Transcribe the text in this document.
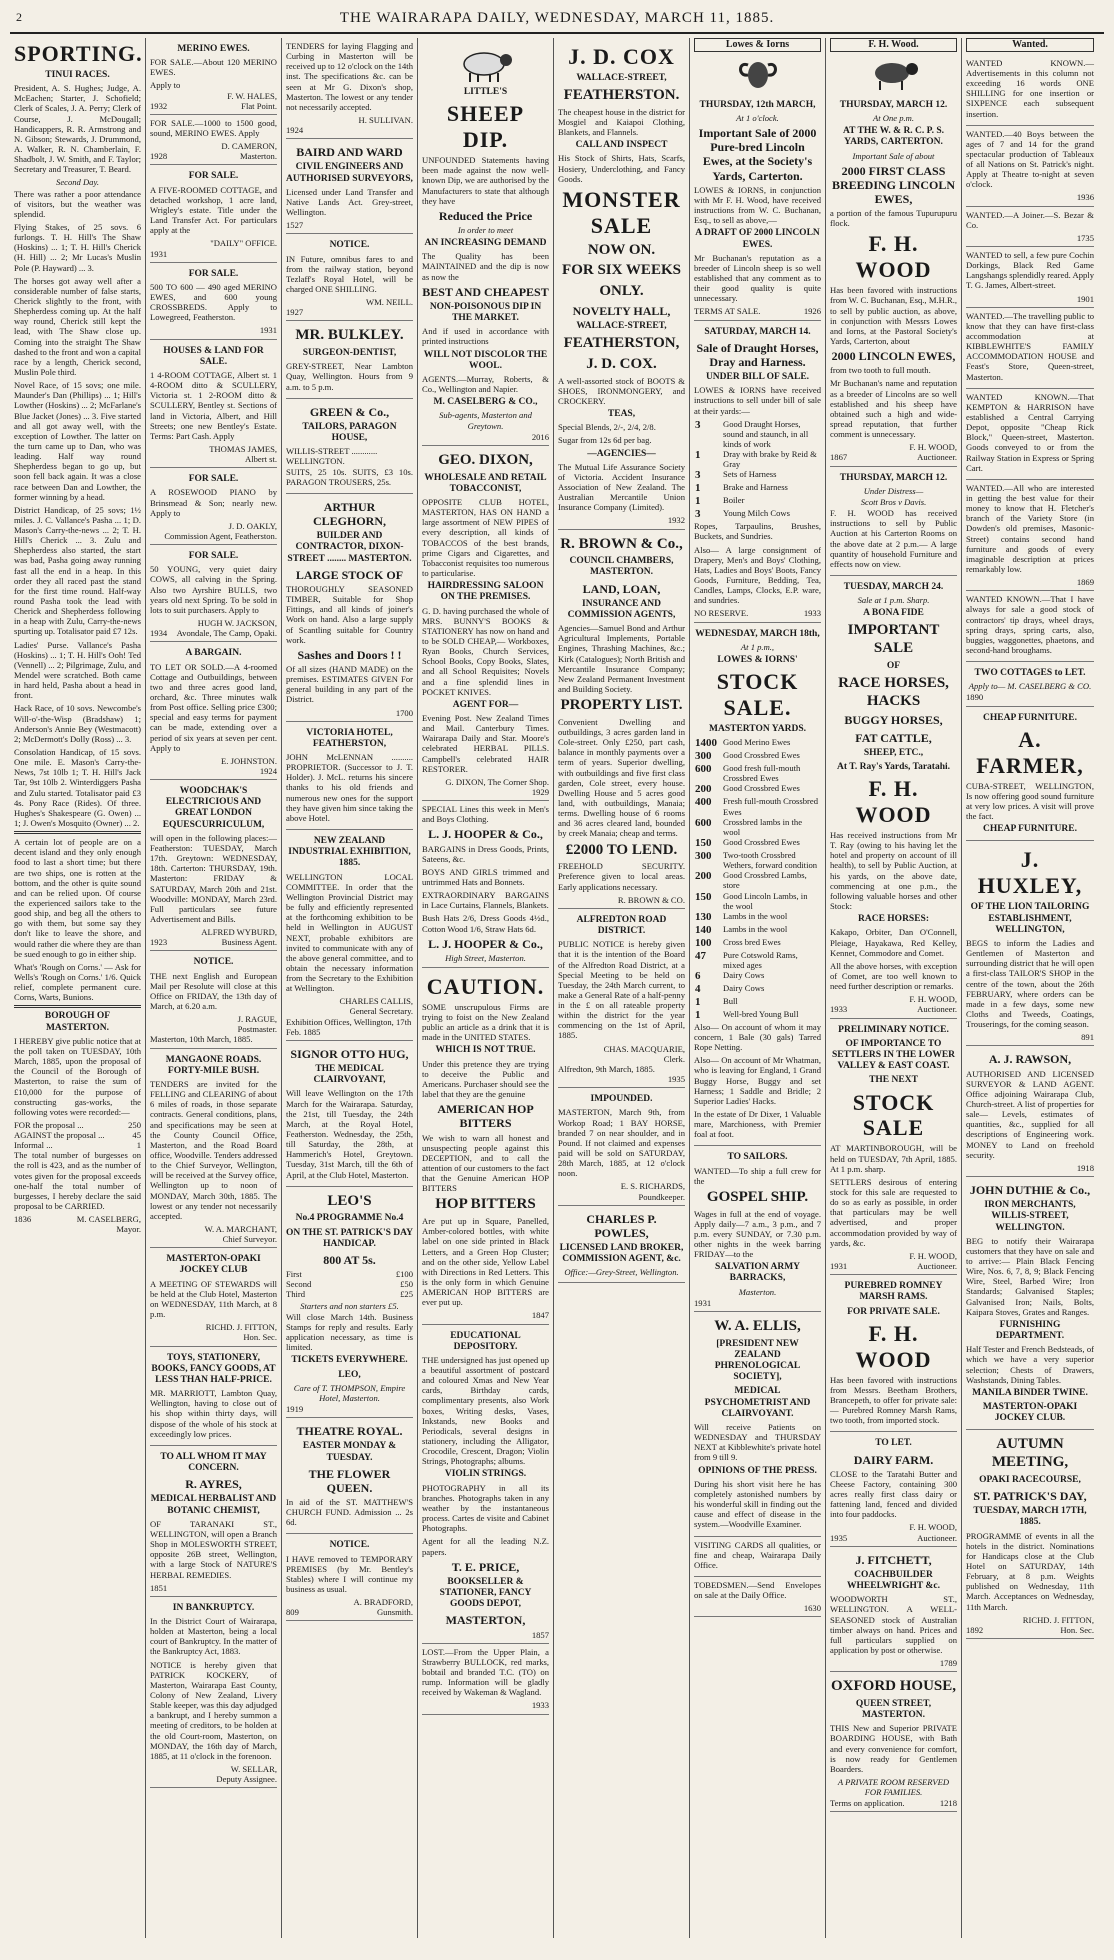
2	THE WAIRARAPA DAILY, WEDNESDAY, MARCH 11, 1885.
SPORTING.
TINUI RACES.

President, A. S. Hughes; Judge, A. McEachen; Starter, J. Schofield; Clerk of Scales, J. A. Perry; Clerk of Course, J. McDougall; Handicappers, R. R. Armstrong and N. Gibson; Stewards, J. Drummond, A. Walker, R. N. Chamberlain, F. Shadbolt, J. W. Smith, and F. Taylor; Secretary and Treasurer, T. Beard.

Second Day.

There was rather a poor attendance of visitors, but the weather was splendid.

Flying Stakes, of 25 sovs. 6 furlongs. T. H. Hill's The Shaw (Hoskins) ... 1; T. H. Hill's Cherick (H. Hill) ... 2; Mr Lucas's Muslin Pole (P. Hayward) ... 3.

The horses got away well after a considerable number of false starts, Cherick slightly to the front, with Shepherdess coming up. At the half way round, Cherick still kept the lead, with The Shaw close up. Coming into the straight The Shaw dashed to the front and won a capital race by a length, Cherick second, Muslin Pole third.

Novel Race, of 15 sovs; one mile. Maunder's Dan (Phillips) ... 1; Hill's Lowther (Hoskins) ... 2; McFarlane's Blue Jacket (Jones) ... 3. Five started and all got away well, with the exception of Lowther. The latter on the turn came up to Dan, who was leading. Half way round Shepherdess began to go up, but soon fell back again. It was a close race between Dan and Lowther, the former winning by a head.

District Handicap, of 25 sovs; 1½ miles. J. C. Vallance's Pasha ... 1; D. Mason's Carry-the-news ... 2; T. H. Hill's Cherick ... 3. Zulu and Shepherdess also started, the start was bad, Pasha going away running fast all the end in a heap. In this order they all raced past the stand for the first time round. Half-way round Pasha took the lead with Cherick and Shepherdess following in a heap with Zulu, Carry-the-news spurting up. Totalisator paid £7 12s.

Ladies' Purse. Vallance's Pasha (Hoskins) ... 1; T. H. Hill's Ooh! Ted (Vennell) ... 2; Pilgrimage, Zulu, and Mendel were scratched. Both came in hard held, Pasha about a head in front.

Hack Race, of 10 sovs. Newcombe's Will-o'-the-Wisp (Bradshaw) 1; Anderson's Annie Bey (Westmacott) 2; McDermott's Dolly (Ross) ... 3.

Consolation Handicap, of 15 sovs. One mile. E. Mason's Carry-the-News, 7st 10lb 1; T. H. Hill's Jack Tar, 9st 10lb 2. Winterdiggers Pasha and Zulu started. Totalisator paid £3 4s. Pony Race (Rides). Of three. Hughes's Shakespeare (G. Owen) ... 1; J. Owen's Mosquito (Owner) ... 2.

A certain lot of people are on a decent island and they only enough food to last a short time; but there are two ships, one is rotten at the bottom, and the other is quite sound and can be relied upon. Of course the experienced sailors take to the good ship, and beg all the others to go with them, but some say they don't like to leave the shore, and would rather die where they are than be sued enough to go in either ship.

What's 'Rough on Corns.' — Ask for Wells's 'Rough on Corns.' 1/6. Quick relief, complete permanent cure. Corns, Warts, Bunions.

BOROUGH OF MASTERTON.

I HEREBY give public notice that at the poll taken on TUESDAY, 10th March, 1885, upon the proposal of the Council of the Borough of Masterton, to raise the sum of £10,000 for the purpose of constructing gas-works, the following votes were recorded:—

FOR the proposal ...	250
AGAINST the proposal ...	45
Informal ...	1

The total number of burgesses on the roll is 423, and as the number of votes given for the proposal exceeds one-half the total number of burgesses, I hereby declare the said proposal to be CARRIED.

1836	M. CASELBERG,
Mayor.
MERINO EWES.

FOR SALE.—About 120 MERINO EWES.

Apply to
F. W. HALES,
1932	Flat Point.

FOR SALE.—1000 to 1500 good, sound, MERINO EWES. Apply

D. CAMERON,
1928	Masterton.
FOR SALE.

A FIVE-ROOMED COTTAGE, and detached workshop, 1 acre land, Wrigley's estate. Title under the Land Transfer Act. For particulars apply at the

"DAILY" OFFICE.
1931
FOR SALE.

500 TO 600 — 490 aged MERINO EWES, and 600 young CROSSBREDS. Apply to Lowegreed, Featherston.

1931
HOUSES & LAND FOR SALE.

1 4-ROOM COTTAGE, Albert st. 1 4-ROOM ditto & SCULLERY, Victoria st. 1 2-ROOM ditto & SCULLERY, Bentley st. Sections of land in Victoria, Albert, and Hill Streets; one new Bentley's Estate. Terms: Part Cash. Apply

THOMAS JAMES,
Albert st.
FOR SALE.

A ROSEWOOD PIANO by Brinsmead & Son; nearly new. Apply to

J. D. OAKLY,
Commission Agent, Featherston.
FOR SALE.

50 YOUNG, very quiet dairy COWS, all calving in the Spring. Also two Ayrshire BULLS, two years old next Spring. To be sold in lots to suit purchasers. Apply to

HUGH W. JACKSON,
1934 Avondale, The Camp, Opaki.
A BARGAIN.

TO LET OR SOLD.—A 4-roomed Cottage and Outbuildings, between two and three acres good land, orchard, &c. Three minutes walk from Post office. Selling price £300; special and easy terms for payment can be made, extending over a period of six years at seven per cent. Apply to

E. JOHNSTON.
1924
WOODCHAK'S ELECTRICIOUS AND GREAT LONDON EQUESCURRICULUM,

will open in the following places:— Featherston: TUESDAY, March 17th. Greytown: WEDNESDAY, 18th. Carterton: THURSDAY, 19th. Masterton: FRIDAY & SATURDAY, March 20th and 21st. Woodville: MONDAY, March 23rd. Full particulars see future Advertisement and Bills.

ALFRED WYBURD,
1923	Business Agent.
NOTICE.

THE next English and European Mail per Resolute will close at this Office on FRIDAY, the 13th day of March, at 6.20 a.m.

J. RAGUE,
Postmaster.
Masterton, 10th March, 1885.
MANGAONE ROADS. FORTY-MILE BUSH.

TENDERS are invited for the FELLING and CLEARING of about 6 miles of roads, in those separate contracts. General conditions, plans, and specifications may be seen at the County Council Office, Masterton, and the Road Board office, Woodville. Tenders addressed to the Chief Surveyor, Wellington, will be received at the Survey office, Wellington up to noon of MONDAY, March 30th, 1885. The lowest or any tender not necessarily accepted.

W. A. MARCHANT,
Chief Surveyor.
MASTERTON-OPAKI JOCKEY CLUB

A MEETING OF STEWARDS will be held at the Club Hotel, Masterton on WEDNESDAY, 11th March, at 8 p.m.

RICHD. J. FITTON,
Hon. Sec.
TOYS, STATIONERY, BOOKS, FANCY GOODS, AT LESS THAN HALF-PRICE.

MR. MARRIOTT, Lambton Quay, Wellington, having to close out of his shop within thirty days, will dispose of the whole of his stock at exceedingly low prices.

TO ALL WHOM IT MAY CONCERN.
R. AYRES,
MEDICAL HERBALIST AND BOTANIC CHEMIST,

OF TARANAKI ST., WELLINGTON, will open a Branch Shop in MOLESWORTH STREET, opposite 26B street, Wellington, with a large Stock of NATURE'S HERBAL REMEDIES.

1851
IN BANKRUPTCY.

In the District Court of Wairarapa, holden at Masterton, being a local court of Bankruptcy. In the matter of the Bankruptcy Act, 1883.

NOTICE is hereby given that PATRICK KOCKERY, of Masterton, Wairarapa East County, Colony of New Zealand, Livery Stable keeper, was this day adjudged a bankrupt, and I hereby summon a meeting of creditors, to be holden at the old Court-room, Masterton, on MONDAY, the 16th day of March, 1885, at 11 o'clock in the forenoon.

W. SELLAR,
Deputy Assignee.

TENDERS for laying Flagging and Curbing in Masterton will be received up to 12 o'clock on the 14th inst. The specifications &c. can be seen at Mr G. Dixon's shop, Masterton. The lowest or any tender not necessarily accepted.

H. SULLIVAN.
1924
BAIRD AND WARD
CIVIL ENGINEERS AND AUTHORISED SURVEYORS,

Licensed under Land Transfer and Native Lands Act. Grey-street, Wellington.

1527
NOTICE.

IN Future, omnibus fares to and from the railway station, beyond Tezlaff's Royal Hotel, will be charged ONE SHILLING.

WM. NEILL.
1927
MR. BULKLEY.
SURGEON-DENTIST,

GREY-STREET, Near Lambton Quay, Wellington. Hours from 9 a.m. to 5 p.m.

GREEN & Co.,
TAILORS, PARAGON HOUSE,
WILLIS-STREET ............ WELLINGTON.

SUITS, 25 10s. SUITS, £3 10s. PARAGON TROUSERS, 25s.

ARTHUR CLEGHORN,
BUILDER AND CONTRACTOR, DIXON-STREET ........ MASTERTON.
LARGE STOCK OF

THOROUGHLY SEASONED TIMBER, Suitable for Shop Fittings, and all kinds of joiner's Work on hand. Also a large supply of Scantling suitable for Country work.

Sashes and Doors ! !

Of all sizes (HAND MADE) on the premises. ESTIMATES GIVEN For general building in any part of the District.

1700
VICTORIA HOTEL, FEATHERSTON,

JOHN McLENNAN .......... PROPRIETOR. (Successor to J. T. Holder). J. McL. returns his sincere thanks to his old friends and numerous new ones for the support they have given him since taking the above Hotel.

NEW ZEALAND INDUSTRIAL EXHIBITION, 1885.

WELLINGTON LOCAL COMMITTEE. In order that the Wellington Provincial District may be fully and efficiently represented at the forthcoming exhibition to be held in Wellington in AUGUST NEXT, probable exhibitors are invited to communicate with any of the above general committee, and to obtain the necessary information from the Secretary to the Exhibition at Wellington.

CHARLES CALLIS,
General Secretary.
Exhibition Offices, Wellington, 17th Feb. 1885
SIGNOR OTTO HUG,
THE MEDICAL CLAIRVOYANT,

Will leave Wellington on the 17th March for the Wairarapa. Saturday, the 21st, till Tuesday, the 24th March, at the Royal Hotel, Featherston. Wednesday, the 25th, till Saturday, the 28th, at Hammerich's Hotel, Greytown. Tuesday, 31st March, till the 6th of April, at the Club Hotel, Masterton.

LEO'S
No.4 PROGRAMME No.4
ON THE ST. PATRICK'S DAY HANDICAP.
800 AT 5s.
First	£100
Second	£50
Third	£25
Starters and non starters £5.

Will close March 14th. Business Stamps for reply and results. Early application necessary, as time is limited.

TICKETS EVERYWHERE.
LEO,
Care of T. THOMPSON, Empire Hotel, Masterton.
1919
THEATRE ROYAL.
EASTER MONDAY & TUESDAY.
THE FLOWER QUEEN.

In aid of the ST. MATTHEW'S CHURCH FUND. Admission ... 2s 6d.

NOTICE.

I HAVE removed to TEMPORARY PREMISES (by Mr. Bentley's Stables) where I will continue my business as usual.

A. BRADFORD,
809	Gunsmith.
LITTLE'S
SHEEP DIP.

UNFOUNDED Statements having been made against the now well-known Dip, we are authorised by the Manufacturers to state that although they have

Reduced the Price
In order to meet
AN INCREASING DEMAND

The Quality has been MAINTAINED and the dip is now as now the

BEST AND CHEAPEST
NON-POISONOUS DIP IN THE MARKET.

And if used in accordance with printed instructions

WILL NOT DISCOLOR THE WOOL.

AGENTS.—Murray, Roberts, & Co., Wellington and Napier.

M. CASELBERG & CO.,
Sub-agents, Masterton and Greytown.
2016
GEO. DIXON,
WHOLESALE AND RETAIL TOBACCONIST,

OPPOSITE CLUB HOTEL, MASTERTON, HAS ON HAND a large assortment of NEW PIPES of every description, all kinds of TOBACCOS of the best brands, prime Cigars and Cigarettes, and Tobacconist requisites too numerous to particularise.

HAIRDRESSING SALOON ON THE PREMISES.

G. D. having purchased the whole of MRS. BUNNY'S BOOKS & STATIONERY has now on hand and to be SOLD CHEAP,— Workboxes, Ryan Books, Church Services, School Books, Copy Books, Slates, and all School Requisites; Novels and a fine splendid lines in POCKET KNIVES.

AGENT FOR—

Evening Post. New Zealand Times and Mail. Canterbury Times. Wairarapa Daily and Star. Moore's celebrated HERBAL PILLS. Campbell's celebrated HAIR RESTORER.

G. DIXON, The Corner Shop.
1929

SPECIAL Lines this week in Men's and Boys Clothing.

L. J. HOOPER & Co.,

BARGAINS in Dress Goods, Prints, Sateens, &c.

BOYS AND GIRLS trimmed and untrimmed Hats and Bonnets.

EXTRAORDINARY BARGAINS in Lace Curtains, Flannels, Blankets.

Bush Hats 2/6, Dress Goods 4½d., Cotton Wood 1/6, Straw Hats 6d.

L. J. HOOPER & Co.,
High Street, Masterton.
CAUTION.

SOME unscrupulous Firms are trying to foist on the New Zealand public an article as a drink that it is made in the UNITED STATES.

WHICH IS NOT TRUE.

Under this pretence they are trying to deceive the Public and Americans. Purchaser should see the label that they are the genuine

AMERICAN HOP BITTERS

We wish to warn all honest and unsuspecting people against this DECEPTION, and to call the attention of our customers to the fact that the Genuine American HOP BITTERS

HOP BITTERS

Are put up in Square, Panelled, Amber-colored bottles, with white label on one side printed in Black Letters, and a Green Hop Cluster; and on the other side, Yellow Label with Directions in Red Letters. This is the only form in which Genuine AMERICAN HOP BITTERS are ever put up.

1847
EDUCATIONAL DEPOSITORY.

THE undersigned has just opened up a beautiful assortment of postcard and coloured Xmas and New Year cards, Birthday cards, complimentary presents, also Work boxes, Writing desks, Vases, Inkstands, new Books and Periodicals, several designs in stationery, including the Alligator, Crocodile, Crescent, Dragon; Violin Strings, Photographs; albums.

VIOLIN STRINGS.

PHOTOGRAPHY in all its branches. Photographs taken in any weather by the instantaneous process. Cartes de visite and Cabinet Photographs.

Agent for all the leading N.Z. papers.

T. E. PRICE,
BOOKSELLER & STATIONER, FANCY GOODS DEPOT,
MASTERTON,
1857

LOST.—From the Upper Plain, a Strawberry BULLOCK, red marks, bobtail and branded T.C. (TO) on rump. Information will be gladly received by Wakeman & Wagland.

1933
J. D. COX
WALLACE-STREET,
FEATHERSTON.

The cheapest house in the district for Mosgiel and Kaiapoi Clothing, Blankets, and Flannels.

CALL AND INSPECT

His Stock of Shirts, Hats, Scarfs, Hosiery, Underclothing, and Fancy Goods.

MONSTER SALE
NOW ON.
FOR SIX WEEKS
ONLY.
NOVELTY HALL,
WALLACE-STREET,
FEATHERSTON,
J. D. COX.

A well-assorted stock of BOOTS & SHOES, IRONMONGERY, and CROCKERY.

TEAS,

Special Blends, 2/-, 2/4, 2/8.

Sugar from 12s 6d per bag.

—AGENCIES—

The Mutual Life Assurance Society of Victoria. Accident Insurance Association of New Zealand. The Australian Mercantile Union Insurance Company (Limited).

1932
R. BROWN & Co.,
COUNCIL CHAMBERS, MASTERTON.
LAND, LOAN,
INSURANCE AND COMMISSION AGENTS,

Agencies—Samuel Bond and Arthur Agricultural Implements, Portable Engines, Thrashing Machines, &c.; Kirk (Catalogues); North British and Mercantile Insurance Company; New Zealand Permanent Investment and Building Society.

PROPERTY LIST.

Convenient Dwelling and outbuildings, 3 acres garden land in Cole-street. Only £250, part cash, balance in monthly payments over a term of years. Superior dwelling, with outbuildings and five first class garden, Cole street, every house. Dwelling House and 5 acres good land, with outbuildings, Manaia; terms. Dwelling house of 6 rooms and 36 acres cleared land, bounded by creek Manaia; cheap and terms.

£2000 TO LEND.

FREEHOLD SECURITY. Preference given to local areas. Early applications necessary.

R. BROWN & CO.
ALFREDTON ROAD DISTRICT.

PUBLIC NOTICE is hereby given that it is the intention of the Board of the Alfredton Road District, at a Special Meeting to be held on Tuesday, the 24th March current, to make a General Rate of a half-penny in the £ on all rateable property within the district for the year commencing on the 1st of April, 1885.

CHAS. MACQUARIE,
Clerk.
Alfredton, 9th March, 1885.
1935
IMPOUNDED.

MASTERTON, March 9th, from Workop Road; 1 BAY HORSE, branded 7 on near shoulder, and in Pound. If not claimed and expenses paid will be sold on SATURDAY, 28th March, 1885, at 12 o'clock noon.

E. S. RICHARDS,
Poundkeeper.
CHARLES P. POWLES,
LICENSED LAND BROKER, COMMISSION AGENT, &c.
Office:—Grey-Street, Wellington.
Lowes & Iorns
THURSDAY, 12th MARCH,
At 1 o'clock.
Important Sale of 2000 Pure-bred Lincoln Ewes, at the Society's Yards, Carterton.

LOWES & IORNS, in conjunction with Mr F. H. Wood, have received instructions from W. C. Buchanan, Esq., to sell as above,—

A DRAFT OF 2000 LINCOLN EWES.

Mr Buchanan's reputation as a breeder of Lincoln sheep is so well established that any comment as to their good quality is quite unnecessary.

TERMS AT SALE.	1926
SATURDAY, MARCH 14.
Sale of Draught Horses, Dray and Harness.
UNDER BILL OF SALE.

LOWES & IORNS have received instructions to sell under bill of sale at their yards:—

3	Good Draught Horses, sound and staunch, in all kinds of work
1	Dray with brake by Reid & Gray
3	Sets of Harness
1	Brake and Harness
1	Boiler
3	Young Milch Cows

Ropes, Tarpaulins, Brushes, Buckets, and Sundries.

Also— A large consignment of Drapery, Men's and Boys' Clothing, Hats, Ladies and Boys' Boots, Fancy Goods, Furniture, Bedding, Tea, Candles, Lamps, Clocks, E.P. ware, and sundries.

NO RESERVE.	1933
WEDNESDAY, MARCH 18th,
At 1 p.m.,
LOWES & IORNS'
STOCK SALE.
MASTERTON YARDS.
1400	Good Merino Ewes
300	Good Crossbred Ewes
600	Good fresh full-mouth Crossbred Ewes
200	Good Crossbred Ewes
400	Fresh full-mouth Crossbred Ewes
600	Crossbred lambs in the wool
150	Good Crossbred Ewes
300	Two-tooth Crossbred Wethers, forward condition
200	Good Crossbred Lambs, store
150	Good Lincoln Lambs, in the wool
130	Lambs in the wool
140	Lambs in the wool
100	Cross bred Ewes
47	Pure Cotswold Rams, mixed ages
6	Dairy Cows
4	Dairy Cows
1	Bull
1	Well-bred Young Bull

Also— On account of whom it may concern, 1 Bale (30 gals) Tarred Rope Netting.

Also— On account of Mr Whatman, who is leaving for England, 1 Grand Buggy Horse, Buggy and set Harness; 1 Saddle and Bridle; 2 Superior Ladies' Hacks.

In the estate of Dr Dixer, 1 Valuable mare, Marchioness, with Premier foal at foot.

TO SAILORS.

WANTED—To ship a full crew for the

GOSPEL SHIP.

Wages in full at the end of voyage. Apply daily—7 a.m., 3 p.m., and 7 p.m. every SUNDAY, or 7.30 p.m. other nights in the week barring FRIDAY—to the

SALVATION ARMY BARRACKS,
Masterton.
1931
W. A. ELLIS,
[PRESIDENT NEW ZEALAND PHRENOLOGICAL SOCIETY],
MEDICAL PSYCHOMETRIST AND CLAIRVOYANT.

Will receive Patients on WEDNESDAY and THURSDAY NEXT at Kibblewhite's private hotel from 9 till 9.

OPINIONS OF THE PRESS.

During his short visit here he has completely astonished numbers by his wonderful skill in finding out the cause and effect of disease in the system.—Woodville Examiner.

VISITING CARDS all qualities, or fine and cheap, Wairarapa Daily Office.

TOBEDSMEN.—Send Envelopes on sale at the Daily Office.

1630
F. H. Wood.
THURSDAY, MARCH 12.
At One p.m.
AT THE W. & R. C. P. S. YARDS, CARTERTON.
Important Sale of about
2000 FIRST CLASS BREEDING LINCOLN EWES,

a portion of the famous Tupurupuru flock.

F. H. WOOD

Has been favored with instructions from W. C. Buchanan, Esq., M.H.R., to sell by public auction, as above, in conjunction with Messrs Lowes and Iorns, at the Pastoral Society's Yards, Carterton, about

2000 LINCOLN EWES,

from two tooth to full mouth.

Mr Buchanan's name and reputation as a breeder of Lincolns are so well established and his sheep have obtained such a high and wide-spread reputation, that further comment is unnecessary.

F. H. WOOD,
1867	Auctioneer.
THURSDAY, MARCH 12.
Under Distress—
Scott Bros v Davis.

F. H. WOOD has received instructions to sell by Public Auction at his Carterton Rooms on the above date at 2 p.m.— A large quantity of household Furniture and effects now on view.

TUESDAY, MARCH 24.
Sale at 1 p.m. Sharp.
A BONA FIDE
IMPORTANT SALE
OF
RACE HORSES, HACKS
BUGGY HORSES,
FAT CATTLE,
SHEEP, ETC.,
At T. Ray's Yards, Taratahi.
F. H. WOOD

Has received instructions from Mr T. Ray (owing to his having let the hotel and property on account of ill health), to sell by Public Auction, at his yards, on the above date, commencing at one p.m., the following valuable horses and other Stock:

RACE HORSES:

Kakapo, Orbiter, Dan O'Connell, Pleiage, Hayakawa, Red Kelley, Kennet, Commodore and Comet.

All the above horses, with exception of Comet, are too well known to need further description or remarks.

F. H. WOOD,
1933	Auctioneer.
PRELIMINARY NOTICE.
OF IMPORTANCE TO SETTLERS IN THE LOWER VALLEY & EAST COAST.
THE NEXT
STOCK SALE

AT MARTINBOROUGH, will be held on TUESDAY, 7th April, 1885. At 1 p.m. sharp.

SETTLERS desirous of entering stock for this sale are requested to do so as early as possible, in order that particulars may be well advertised, and proper accommodation provided by way of yards, &c.

F. H. WOOD,
1931	Auctioneer.
PUREBRED ROMNEY MARSH RAMS.
FOR PRIVATE SALE.
F. H. WOOD

Has been favored with instructions from Messrs. Beetham Brothers, Brancepeth, to offer for private sale:— Purebred Romney Marsh Rams, two tooth, from imported stock.

TO LET.
DAIRY FARM.

CLOSE to the Taratahi Butter and Cheese Factory, containing 300 acres really first class dairy or fattening land, fenced and divided into four paddocks.

F. H. WOOD,
1935	Auctioneer.
J. FITCHETT,
COACHBUILDER WHEELWRIGHT &c.

WOODWORTH ST., WELLINGTON. A WELL-SEASONED stock of Australian timber always on hand. Prices and full particulars supplied on application by post or otherwise.

1789
OXFORD HOUSE,
QUEEN STREET, MASTERTON.

THIS New and Superior PRIVATE BOARDING HOUSE, with Bath and every convenience for comfort, is now ready for Gentlemen Boarders.

A PRIVATE ROOM RESERVED FOR FAMILIES.
Terms on application.	1218
Wanted.

WANTED KNOWN.—Advertisements in this column not exceeding 16 words ONE SHILLING for one insertion or SIXPENCE each subsequent insertion.

WANTED.—40 Boys between the ages of 7 and 14 for the grand spectacular production of Tableaux of all Nations on St. Patrick's night. Apply at Theatre to-night at seven o'clock.

1936

WANTED.—A Joiner.—S. Bezar & Co.

1735

WANTED to sell, a few pure Cochin Dorkings, Black Red Game Langshangs splendidly reared. Apply T. G. James, Albert-street.

1901

WANTED.—The travelling public to know that they can have first-class accommodation at KIBBLEWHITE'S FAMILY ACCOMMODATION HOUSE and Feast's Store, Queen-street, Masterton.

WANTED KNOWN.—That KEMPTON & HARRISON have established a Central Carrying Depot, opposite "Cheap Rick Block," Queen-street, Masterton. Goods conveyed to or from the Railway Station in Express or Spring Cart.

WANTED.—All who are interested in getting the best value for their money to know that H. Fletcher's branch of the Variety Store (in Dowden's old premises, Masonic-Street) contains second hand furniture and goods of every imaginable description at prices remarkably low.

1869

WANTED KNOWN.—That I have always for sale a good stock of contractors' tip drays, wheel drays, spring drays, spring carts, also, buggies, waggonettes, phaetons, and second-hand broughams.

TWO COTTAGES to LET.
Apply to— M. CASELBERG & CO.
1890
CHEAP FURNITURE.
A. FARMER,

CUBA-STREET, WELLINGTON, Is now offering good sound furniture at very low prices. A visit will prove the fact.

CHEAP FURNITURE.
J. HUXLEY,
OF THE LION TAILORING ESTABLISHMENT, WELLINGTON,

BEGS to inform the Ladies and Gentlemen of Masterton and surrounding district that he will open a first-class TAILOR'S SHOP in the centre of the town, about the 26th FEBRUARY, where orders can be made in a few days, some new Cloths and Tweeds, Coatings, Trouserings, for the coming season.

891
A. J. RAWSON,

AUTHORISED AND LICENSED SURVEYOR & LAND AGENT. Office adjoining Wairarapa Club, Church-street. A list of properties for sale— Levels, estimates of quantities, &c., supplied for all descriptions of Engineering work. MONEY to Land on freehold security.

1918
JOHN DUTHIE & Co.,
IRON MERCHANTS, WILLIS-STREET, WELLINGTON.

BEG to notify their Wairarapa customers that they have on sale and to arrive:— Plain Black Fencing Wire, Nos. 6, 7, 8, 9; Black Fencing Wire, Steel, Barbed Wire; Iron Standards; Galvanised Staples; Galvanised Iron; Nails, Bolts, Kaipara Stoves, Grates and Ranges.

FURNISHING DEPARTMENT.

Half Tester and French Bedsteads, of which we have a very superior selection; Chests of Drawers, Washstands, Dining Tables.

MANILA BINDER TWINE.
MASTERTON-OPAKI JOCKEY CLUB.
AUTUMN MEETING,
OPAKI RACECOURSE,
ST. PATRICK'S DAY,
TUESDAY, MARCH 17TH, 1885.

PROGRAMME of events in all the hotels in the district. Nominations for Handicaps close at the Club Hotel on SATURDAY, 14th February, at 8 p.m. Weights published on Wednesday, 11th March. Acceptances on Wednesday, 11th March.

RICHD. J. FITTON,
1892	Hon. Sec.
